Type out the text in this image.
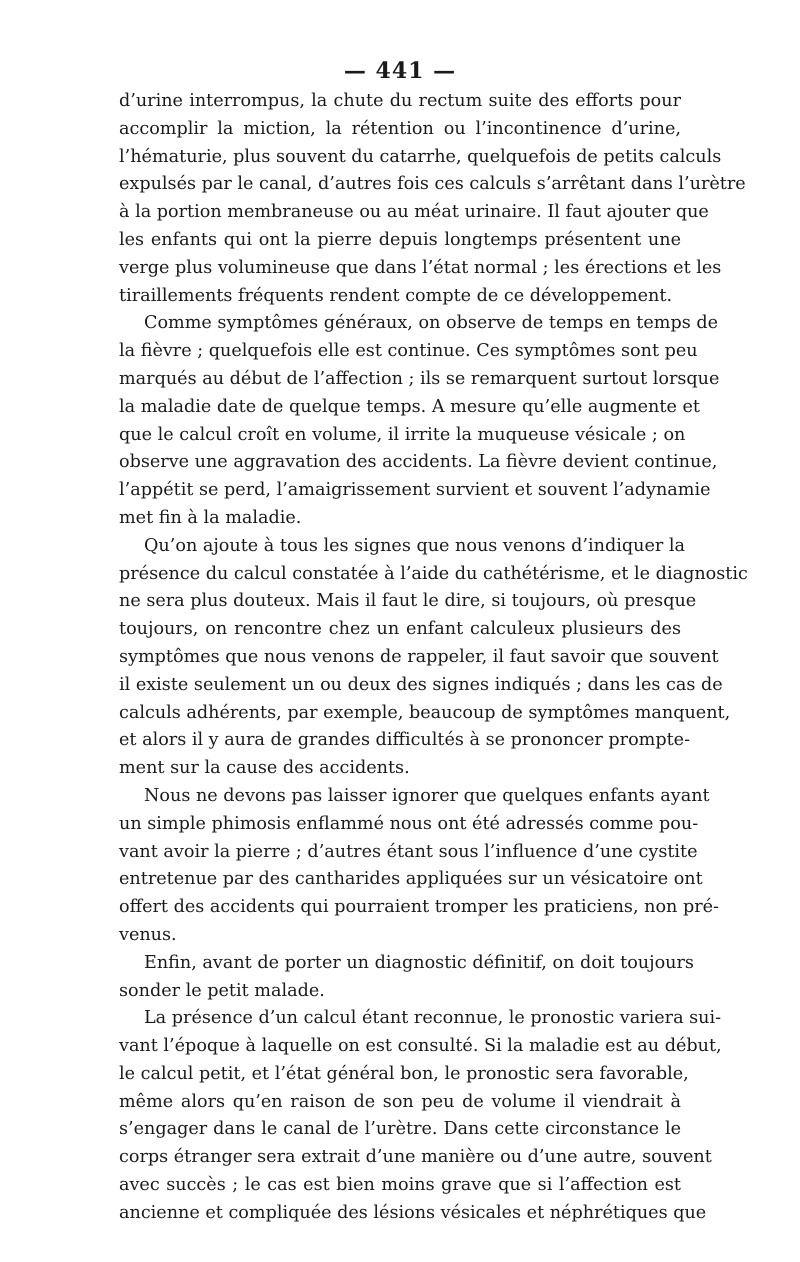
— 441 —
d’urine interrompus, la chute du rectum suite des efforts pour
accomplir la miction, la rétention ou l’incontinence d’urine,
l’hématurie, plus souvent du catarrhe, quelquefois de petits calculs
expulsés par le canal, d’autres fois ces calculs s’arrêtant dans l’urètre
à la portion membraneuse ou au méat urinaire. Il faut ajouter que
les enfants qui ont la pierre depuis longtemps présentent une
verge plus volumineuse que dans l’état normal ; les érections et les
tiraillements fréquents rendent compte de ce développement.
Comme symptômes généraux, on observe de temps en temps de
la fièvre ; quelquefois elle est continue. Ces symptômes sont peu
marqués au début de l’affection ; ils se remarquent surtout lorsque
la maladie date de quelque temps. A mesure qu’elle augmente et
que le calcul croît en volume, il irrite la muqueuse vésicale ; on
observe une aggravation des accidents. La fièvre devient continue,
l’appétit se perd, l’amaigrissement survient et souvent l’adynamie
met fin à la maladie.
Qu’on ajoute à tous les signes que nous venons d’indiquer la
présence du calcul constatée à l’aide du cathétérisme, et le diagnostic
ne sera plus douteux. Mais il faut le dire, si toujours, où presque
toujours, on rencontre chez un enfant calculeux plusieurs des
symptômes que nous venons de rappeler, il faut savoir que souvent
il existe seulement un ou deux des signes indiqués ; dans les cas de
calculs adhérents, par exemple, beaucoup de symptômes manquent,
et alors il y aura de grandes difficultés à se prononcer prompte-
ment sur la cause des accidents.
Nous ne devons pas laisser ignorer que quelques enfants ayant
un simple phimosis enflammé nous ont été adressés comme pou-
vant avoir la pierre ; d’autres étant sous l’influence d’une cystite
entretenue par des cantharides appliquées sur un vésicatoire ont
offert des accidents qui pourraient tromper les praticiens, non pré-
venus.
Enfin, avant de porter un diagnostic définitif, on doit toujours
sonder le petit malade.
La présence d’un calcul étant reconnue, le pronostic variera sui-
vant l’époque à laquelle on est consulté. Si la maladie est au début,
le calcul petit, et l’état général bon, le pronostic sera favorable,
même alors qu’en raison de son peu de volume il viendrait à
s’engager dans le canal de l’urètre. Dans cette circonstance le
corps étranger sera extrait d’une manière ou d’une autre, souvent
avec succès ; le cas est bien moins grave que si l’affection est
ancienne et compliquée des lésions vésicales et néphrétiques que
